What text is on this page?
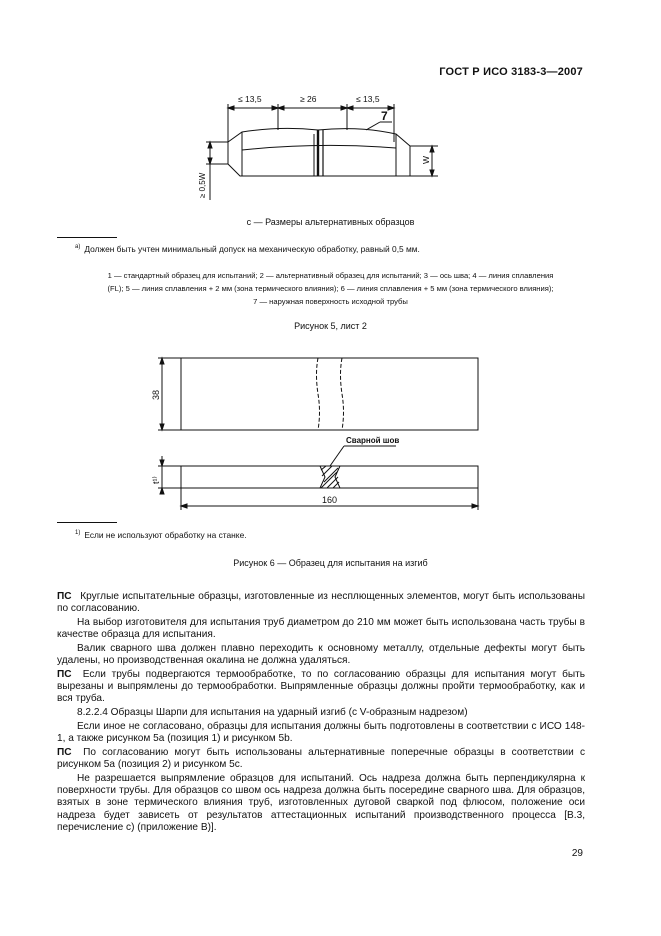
ГОСТ Р ИСО 3183-3—2007
≤ 13,5	≥ 26	≤ 13,5
7
≥ 0,5W
W
c — Размеры альтернативных образцов
$^{a)}$ Должен быть учтен минимальный допуск на механическую обработку, равный 0,5 мм.
1 — стандартный образец для испытаний; 2 — альтернативный образец для испытаний; 3 — ось шва; 4 — линия сплавления
(FL); 5 — линия сплавления + 2 мм (зона термического влияния); 6 — линия сплавления + 5 мм (зона термического влияния);
7 — наружная поверхность исходной трубы
Рисунок 5, лист 2
38
t¹⁾
Сварной шов
160
$^{1)}$ Если не используют обработку на станке.
Рисунок 6 — Образец для испытания на изгиб

ПС Круглые испытательные образцы, изготовленные из несплющенных элементов, могут быть использованы по согласованию.

На выбор изготовителя для испытания труб диаметром до 210 мм может быть использована часть трубы в качестве образца для испытания.

Валик сварного шва должен плавно переходить к основному металлу, отдельные дефекты могут быть удалены, но производственная окалина не должна удаляться.

ПС Если трубы подвергаются термообработке, то по согласованию образцы для испытания могут быть вырезаны и выпрямлены до термообработки. Выпрямленные образцы должны пройти термообработку, как и вся труба.

8.2.2.4 Образцы Шарпи для испытания на ударный изгиб (с V-образным надрезом)

Если иное не согласовано, образцы для испытания должны быть подготовлены в соответствии с ИСО 148-1, а также рисунком 5a (позиция 1) и рисунком 5b.

ПС По согласованию могут быть использованы альтернативные поперечные образцы в соответствии с рисунком 5a (позиция 2) и рисунком 5c.

Не разрешается выпрямление образцов для испытаний. Ось надреза должна быть перпендикулярна к поверхности трубы. Для образцов со швом ось надреза должна быть посередине сварного шва. Для образцов, взятых в зоне термического влияния труб, изготовленных дуговой сваркой под флюсом, положение оси надреза будет зависеть от результатов аттестационных испытаний производственного процесса [B.3, перечисление c) (приложение B)].

29
